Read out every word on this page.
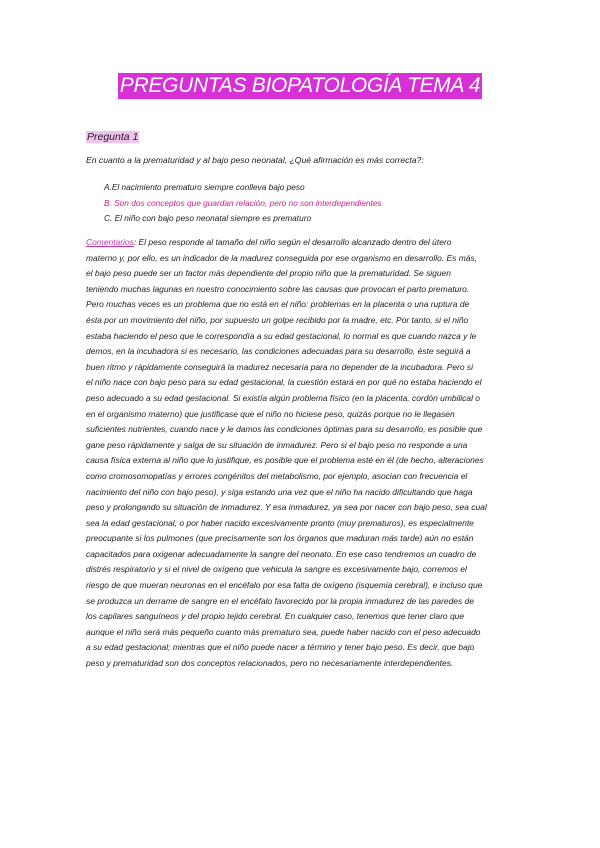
PREGUNTAS BIOPATOLOGÍA TEMA 4
Pregunta 1
En cuanto a la prematuridad y al bajo peso neonatal, ¿Qué afirmación es más correcta?:
A.El nacimiento prematuro siempre conlleva bajo peso
B. Son dos conceptos que guardan relación, pero no son interdependientes
C. El niño con bajo peso neonatal siempre es prematuro
Comentarios: El peso responde al tamaño del niño según el desarrollo alcanzado dentro del útero
materno y, por ello, es un indicador de la madurez conseguida por ese organismo en desarrollo. Es más,
el bajo peso puede ser un factor más dependiente del propio niño que la prematuridad. Se siguen
teniendo muchas lagunas en nuestro conocimiento sobre las causas que provocan el parto prematuro.
Pero muchas veces es un problema que no está en el niño: problemas en la placenta o una ruptura de
ésta por un movimiento del niño, por supuesto un golpe recibido por la madre, etc. Por tanto, si el niño
estaba haciendo el peso que le correspondía a su edad gestacional, lo normal es que cuando nazca y le
demos, en la incubadora si es necesario, las condiciones adecuadas para su desarrollo, éste seguirá a
buen ritmo y rápidamente conseguirá la madurez necesaria para no depender de la incubadora. Pero si
el niño nace con bajo peso para su edad gestacional, la cuestión estará en por qué no estaba haciendo el
peso adecuado a su edad gestacional. Si existía algún problema físico (en la placenta, cordón umbilical o
en el organismo materno) que justificase que el niño no hiciese peso, quizás porque no le llegasen
suficientes nutrientes, cuando nace y le damos las condiciones óptimas para su desarrollo, es posible que
gane peso rápidamente y salga de su situación de inmadurez. Pero si el bajo peso no responde a una
causa física externa al niño que lo justifique, es posible que el problema esté en él (de hecho, alteraciones
como cromosomopatías y errores congénitos del metabolismo, por ejemplo, asocian con frecuencia el
nacimiento del niño con bajo peso), y siga estando una vez que el niño ha nacido dificultando que haga
peso y prolongando su situación de inmadurez. Y esa inmadurez, ya sea por nacer con bajo peso, sea cual
sea la edad gestacional, o por haber nacido excesivamente pronto (muy prematuros), es especialmente
preocupante si los pulmones (que precisamente son los órganos que maduran más tarde) aún no están
capacitados para oxigenar adecuadamente la sangre del neonato. En ese caso tendremos un cuadro de
distrés respiratorio y si el nivel de oxígeno que vehicula la sangre es excesivamente bajo, corremos el
riesgo de que mueran neuronas en el encéfalo por esa falta de oxígeno (isquemia cerebral), e incluso que
se produzca un derrame de sangre en el encéfalo favorecido por la propia inmadurez de las paredes de
los capilares sanguíneos y del propio tejido cerebral. En cualquier caso, tenemos que tener claro que
aunque el niño será más pequeño cuanto más prematuro sea, puede haber nacido con el peso adecuado
a su edad gestacional; mientras que el niño puede nacer a término y tener bajo peso. Es decir, que bajo
peso y prematuridad son dos conceptos relacionados, pero no necesariamente interdependientes.
